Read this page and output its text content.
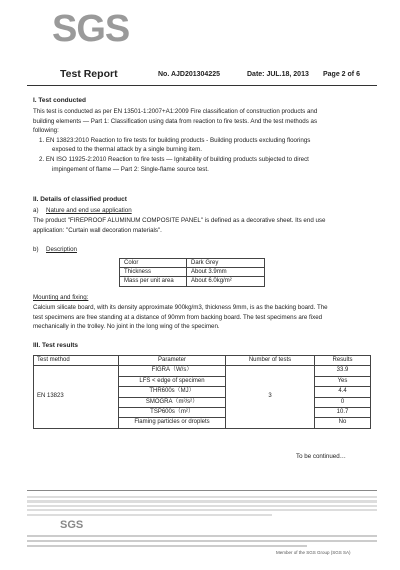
SGS
Test Report	No. AJD201304225	Date: JUL.18, 2013 Page 2 of 6
I. Test conducted
This test is conducted as per EN 13501-1:2007+A1:2009 Fire classification of construction products and
building elements — Part 1: Classification using data from reaction to fire tests. And the test methods as
following:
1. EN 13823:2010 Reaction to fire tests for building products - Building products excluding floorings
exposed to the thermal attack by a single burning item.
2. EN ISO 11925-2:2010 Reaction to fire tests — Ignitability of building products subjected to direct
impingement of flame — Part 2: Single-flame source test.
II. Details of classified product
a) Nature and end use application
The product "FIREPROOF ALUMINUM COMPOSITE PANEL" is defined as a decorative sheet. Its end use
application: "Curtain wall decoration materials".
b) Description
Color	Dark Grey
Thickness	About 3.9mm
Mass per unit area	About 6.0kg/m²
Mounting and fixing:
Calcium silicate board, with its density approximate 900kg/m3, thickness 9mm, is as the backing board. The
test specimens are free standing at a distance of 90mm from backing board. The test specimens are fixed
mechanically in the trolley. No joint in the long wing of the specimen.
III. Test results
Test method	Parameter	Number of tests	Results
EN 13823	FIGRA（W/s）	3	33.9
	LFS < edge of specimen		Yes
	THR600s（MJ）		4.4
	SMOGRA（m²/s²）		0
	TSP600s（m²）		10.7
	Flaming particles or droplets		No
To be continued…
SGS
Member of the SGS Group (SGS SA)
